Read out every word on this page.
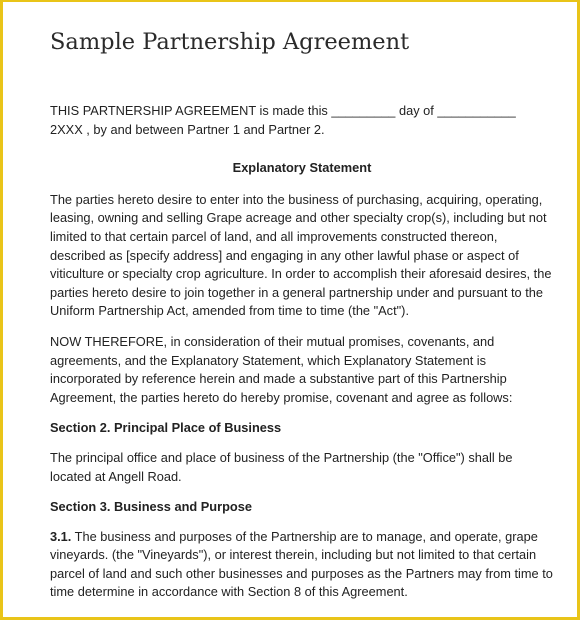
Sample Partnership Agreement

THIS PARTNERSHIP AGREEMENT is made this _________ day of ___________
2XXX , by and between Partner 1 and Partner 2.

Explanatory Statement

The parties hereto desire to enter into the business of purchasing, acquiring, operating, leasing, owning and selling Grape acreage and other specialty crop(s), including but not limited to that certain parcel of land, and all improvements constructed thereon, described as [specify address] and engaging in any other lawful phase or aspect of viticulture or specialty crop agriculture. In order to accomplish their aforesaid desires, the parties hereto desire to join together in a general partnership under and pursuant to the Uniform Partnership Act, amended from time to time (the "Act").

NOW THEREFORE, in consideration of their mutual promises, covenants, and agreements, and the Explanatory Statement, which Explanatory Statement is incorporated by reference herein and made a substantive part of this Partnership Agreement, the parties hereto do hereby promise, covenant and agree as follows:

Section 2. Principal Place of Business

The principal office and place of business of the Partnership (the "Office") shall be located at Angell Road.

Section 3. Business and Purpose

3.1. The business and purposes of the Partnership are to manage, and operate, grape vineyards. (the "Vineyards"), or interest therein, including but not limited to that certain parcel of land and such other businesses and purposes as the Partners may from time to time determine in accordance with Section 8 of this Agreement.
